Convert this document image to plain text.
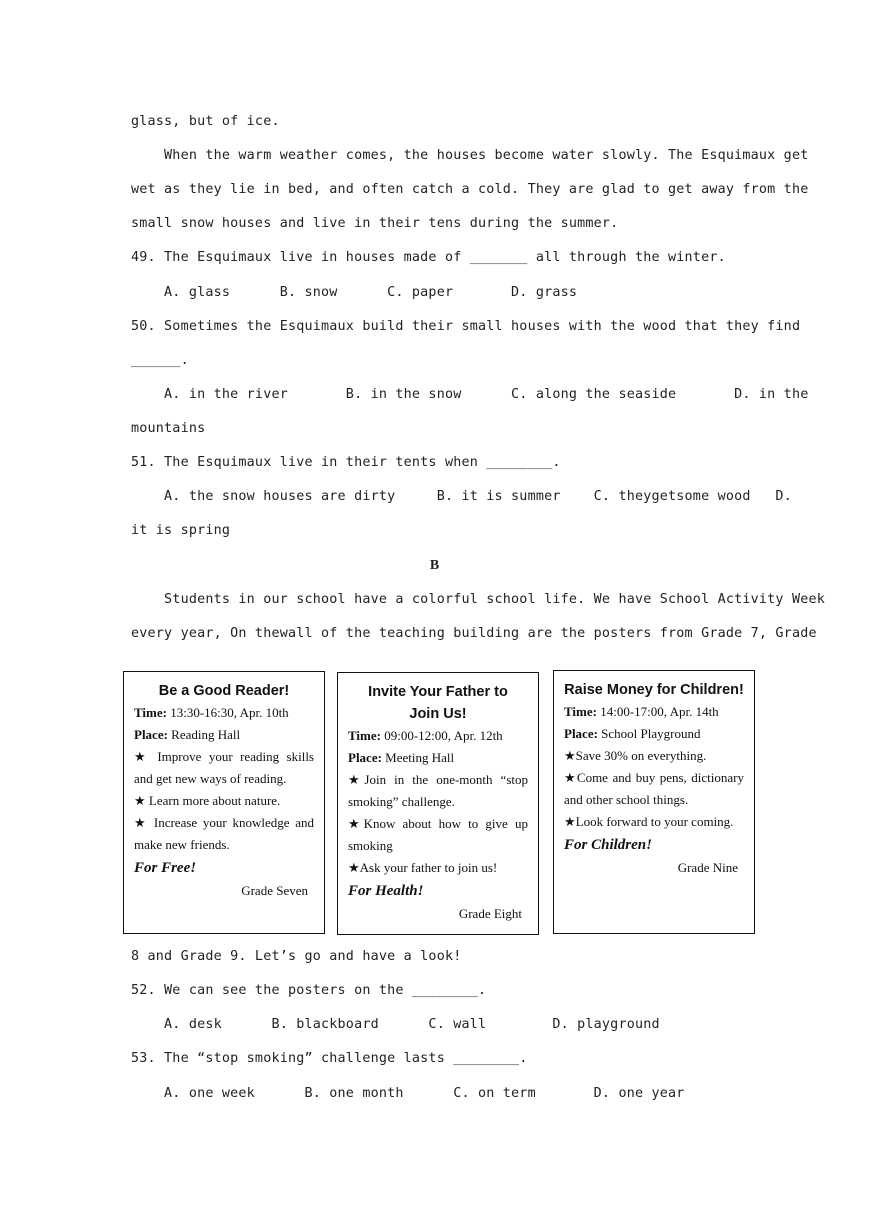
glass, but of ice.
When the warm weather comes, the houses become water slowly. The Esquimaux get
wet as they lie in bed, and often catch a cold. They are glad to get away from the
small snow houses and live in their tens during the summer.
49. The Esquimaux live in houses made of _______ all through the winter.
A. glass      B. snow      C. paper       D. grass
50. Sometimes the Esquimaux build their small houses with the wood that they find
______.
A. in the river       B. in the snow      C. along the seaside       D. in the
mountains
51. The Esquimaux live in their tents when ________.
A. the snow houses are dirty     B. it is summer    C. theygetsome wood   D.
it is spring
B
Students in our school have a colorful school life. We have School Activity Week
every year, On thewall of the teaching building are the posters from Grade 7, Grade
Be a Good Reader!
Time: 13:30-16:30, Apr. 10th
Place: Reading Hall
★ Improve your reading skills and get new ways of reading.
★ Learn more about nature.
★ Increase your knowledge and make new friends.
For Free!
Grade Seven
Invite Your Father to
Join Us!
Time: 09:00-12:00, Apr. 12th
Place: Meeting Hall
★Join in the one-month “stop smoking” challenge.
★Know about how to give up smoking
★Ask your father to join us!
For Health!
Grade Eight
Raise Money for Children!
Time: 14:00-17:00, Apr. 14th
Place: School Playground
★Save 30% on everything.
★Come and buy pens, dictionary and other school things.
★Look forward to your coming.
For Children!
Grade Nine
8 and Grade 9. Let’s go and have a look!
52. We can see the posters on the ________.
A. desk      B. blackboard      C. wall        D. playground
53. The “stop smoking” challenge lasts ________.
A. one week      B. one month      C. on term       D. one year
